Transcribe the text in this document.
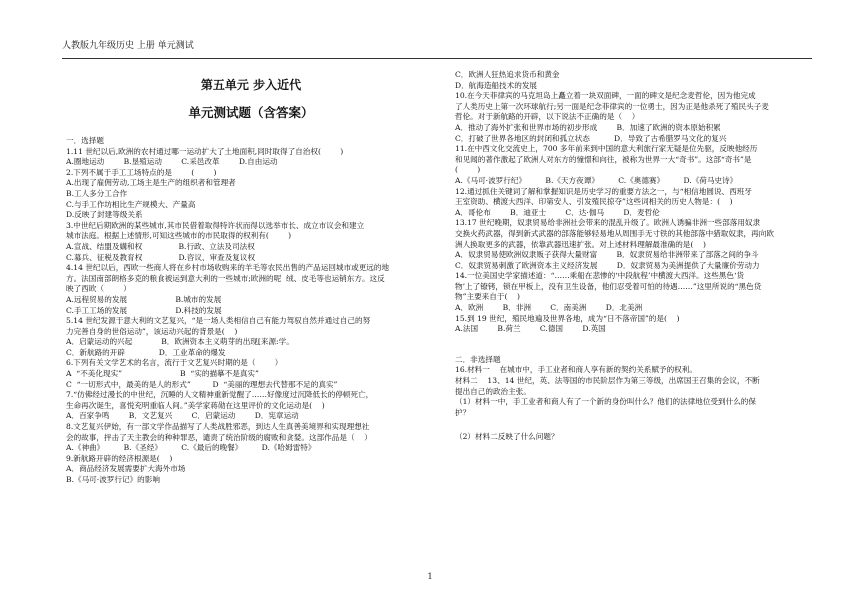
人教版九年级历史 上册 单元测试
第五单元 步入近代
单元测试题（含答案）

一．选择题

1.11 世纪以后,欧洲的农村通过哪一运动扩大了土地面积,同时取得了自治权(        )

A.圈地运动        B.垦殖运动        C.采邑改革        D.自由运动

2.下列不属于手工工场特点的是        (        )

A.出现了雇佣劳动,工场主是生产的组织者和管理者

B.工人多分工合作

C.与手工作坊相比生产规模大、产量高

D.反映了封建等级关系

3.中世纪后期欧洲的某些城市,其市民借着取得特许状而得以选举市长、成立市议会和建立

城市法庭。根据上述情形,可知这些城市的市民取得的权利有(        )

A.宣战、结盟及媾和权               B.行政、立法及司法权

C.募兵、征税及教育权               D.咨议、审查及复议权

4.14 世纪以后，西欧一些商人将在乡村市场收购来的羊毛等农民出售的产品运回城市或更远的地

方。法国南部朗格多克的粮食被运到意大利的一些城市;欧洲的呢  绒、皮毛等也运销东方。这反

映了西欧（        ）

A.远程贸易的发展                    B.城市的发展

C.手工工场的发展                    D.科技的发展

5.14 世纪发源于意大利的文艺复兴，“是一场人类相信自己有能力驾驭自然并通过自己的努

力完善自身的世俗运动”，该运动兴起的背景是(    )

A．启蒙运动的兴起            B．欧洲资本主义萌芽的出现[来源:学。

C．新航路的开辟              D．工业革命的爆发

6.下列有关文学艺术的名言，流行于文艺复兴时期的是（        ）

A  “不美化现实”                        B  “实的描摹不是真实”

C  “一切形式中，最美的是人的形式”         D  “美丽的理想去代替那不足的真实”

7.“仿佛经过漫长的中世纪，沉睡的人文精神重新觉醒了……好像度过沉降低长的停顿死亡，

生命再次诞生，喜悦充明重临人间。”美学家蒋勋在这里评价的文化运动是(    )

A．百家争鸣        B．文艺复兴        C．启蒙运动        D．宪章运动

8.文艺复兴伊始，有一部文学作品描写了人类战胜邪恶，到达人生真善美境界和实现理想社

会的故事，抨击了天主教会的种种罪恶，谴责了统治阶级的腐败和贪婪。这部作品是（    ）

A.《神曲》        B.《圣经》        C.《最后的晚餐》        D.《哈姆雷特》

9.新航路开辟的经济根源是(    )

A．商品经济发展需要扩大海外市场

B.《马可·波罗行记》的影响

C．欧洲人狂热追求货币和黄金

D．航海造船技术的发展

10.在今天菲律宾的马克坦岛上矗立着一块双面碑，一面的碑文是纪念麦哲伦，因为他完成

了人类历史上第一次环球航行;另一面是纪念菲律宾的一位勇士，因为正是他杀死了殖民头子麦

哲伦。对于新航路的开辟，以下说法不正确的是（    ）

A．推动了海外扩张和世界市场的初步形成        B．加速了欧洲的资本原始积累

C．打破了世界各地区的封闭和孤立状态          D．导致了古希腊罗马文化的复兴

11.在中西文化交流史上，700 多年前来到中国的意大利旅行家无疑是位先驱，反映他经历

和见闻的著作激起了欧洲人对东方的憧憬和向往，被称为世界一大“奇书”。这部“奇书”是

(        )

A.《马可·波罗行纪》        B.《天方夜谭》        C.《奥德赛》        D.《荷马史诗》

12.通过抓住关键词了解和掌握知识是历史学习的重要方法之一，与“相信地圆说、西班牙

王室资助、横渡大西洋、印第安人、引发殖民掠夺”这些词相关的历史人物是：(    )

A．哥伦布        B．迪亚士        C．达·伽马        D．麦哲伦

13.17 世纪晚期，奴隶贸易给非洲社会带来的混乱升级了。欧洲人诱骗非洲一些部落用奴隶

交换火药武器，得到新式武器的部落能够轻易地从周围手无寸铁的其他部落中猎取奴隶，再向欧

洲人换取更多的武器，依靠武器迅速扩张。对上述材料理解最准确的是(    )

A．奴隶贸易使欧洲奴隶贩子获得大量财富        B．奴隶贸易给非洲带来了部落之间的争斗

C．奴隶贸易刺激了欧洲资本主义经济发展        D．奴隶贸易为美洲提供了大量廉价劳动力

14.一位美国史学家描述道：“……乘船在悲惨的‘中段航程’中横渡大西洋。这些黑色‘货

物’上了镣铐，锁在甲板上，没有卫生设备，他们忍受着可怕的待遇……”这里所说的“黑色货

物”主要来自于(    )

A．欧洲        B．非洲        C．南美洲        D．北美洲

15.到 19 世纪，殖民地遍及世界各地，成为“日不落帝国”的是(    )

A.法国        B.荷兰        C.德国        D.英国

二．非选择题

16.材料一    在城市中，手工业者和商人享有新的契约关系赋予的权利。

材料二    13、14 世纪，英、法等国的市民阶层作为第三等级，出席国王召集的会议，不断

提出自己的政治主张。

（1）材料一中，手工业者和商人有了一个新的身份叫什么？他们的法律地位受到什么的保

护？

（2）材料二反映了什么问题？

1
